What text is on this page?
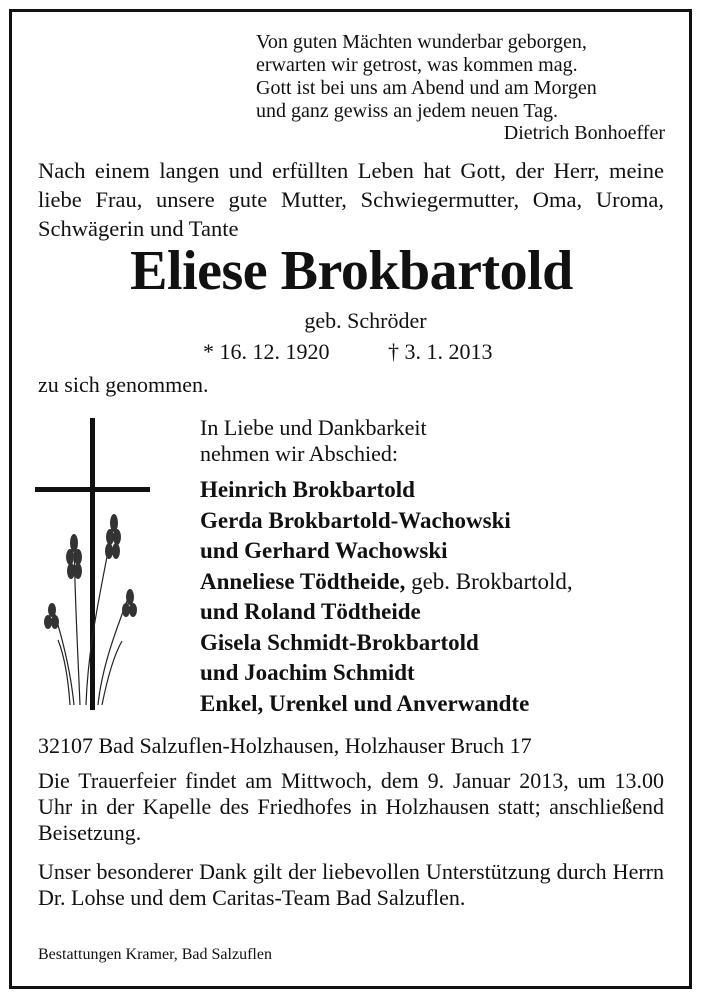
Von guten Mächten wunderbar geborgen,
erwarten wir getrost, was kommen mag.
Gott ist bei uns am Abend und am Morgen
und ganz gewiss an jedem neuen Tag.
Dietrich Bonhoeffer
Nach einem langen und erfüllten Leben hat Gott, der Herr, meine liebe Frau, unsere gute Mutter, Schwiegermutter, Oma, Uroma, Schwägerin und Tante
Eliese Brokbartold
geb. Schröder
* 16. 12. 1920	† 3. 1. 2013
zu sich genommen.
In Liebe und Dankbarkeit
nehmen wir Abschied:
Heinrich Brokbartold
Gerda Brokbartold-Wachowski
und Gerhard Wachowski
Anneliese Tödtheide, geb. Brokbartold,
und Roland Tödtheide
Gisela Schmidt-Brokbartold
und Joachim Schmidt
Enkel, Urenkel und Anverwandte
32107 Bad Salzuflen-Holzhausen, Holzhauser Bruch 17
Die Trauerfeier findet am Mittwoch, dem 9. Januar 2013, um 13.00 Uhr in der Kapelle des Friedhofes in Holzhausen statt; anschließend Beisetzung.
Unser besonderer Dank gilt der liebevollen Unterstützung durch Herrn Dr. Lohse und dem Caritas-Team Bad Salzuflen.
Bestattungen Kramer, Bad Salzuflen
